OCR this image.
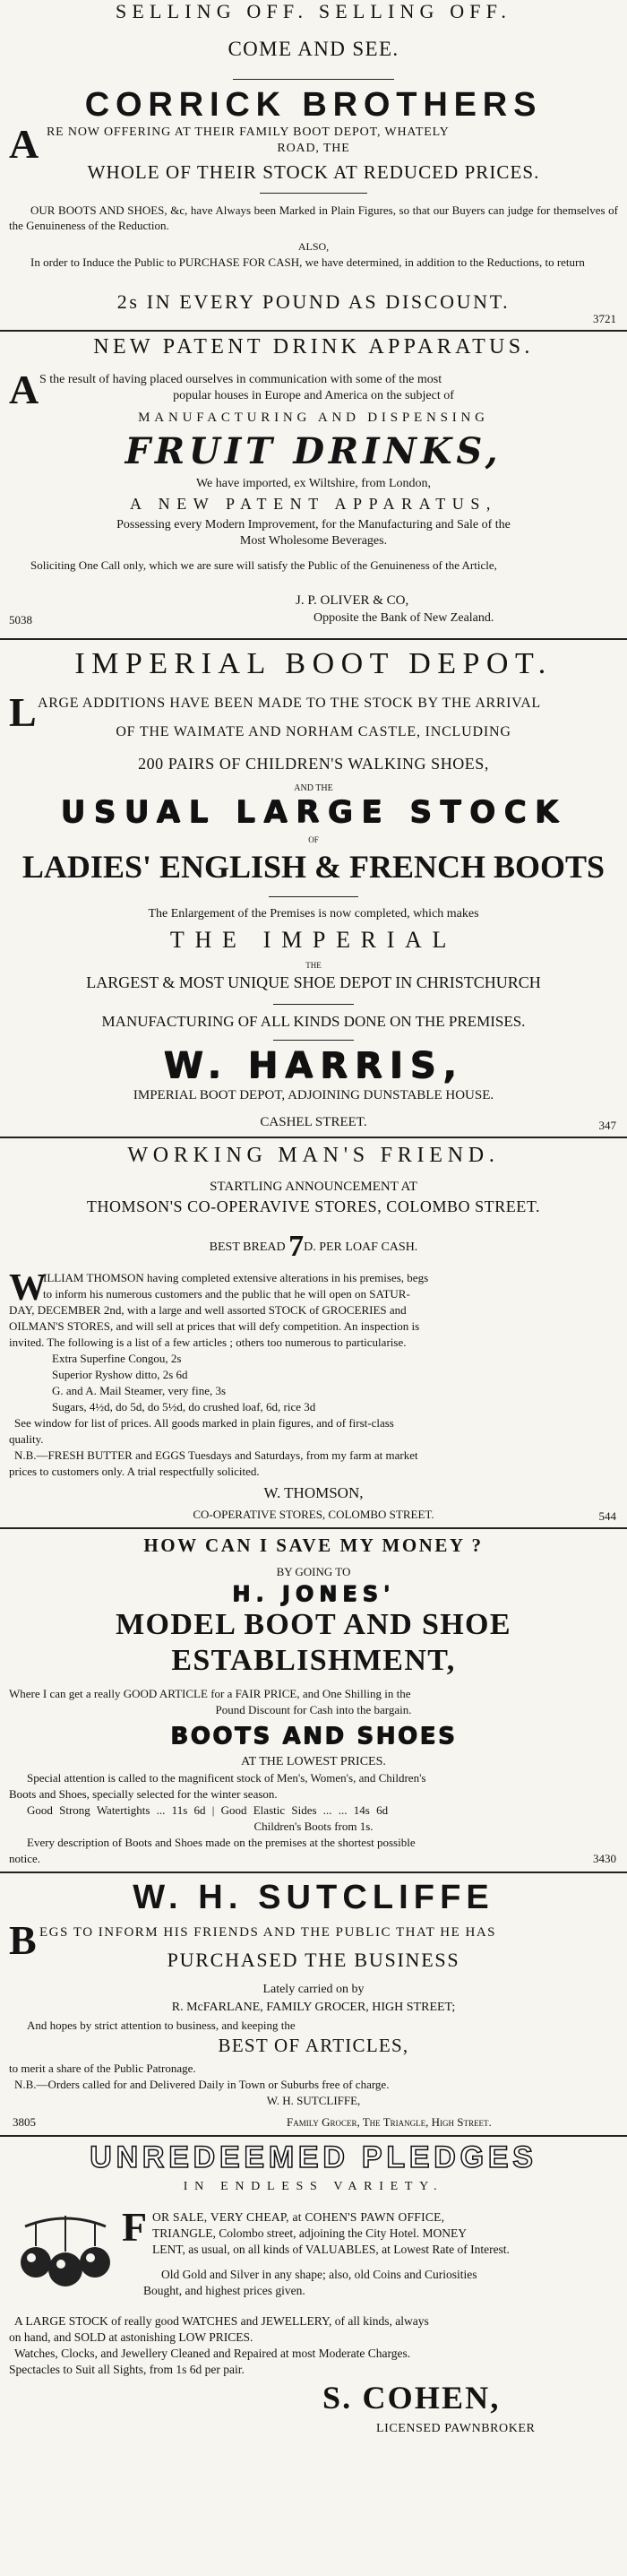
SELLING OFF. SELLING OFF.
COME AND SEE.
CORRICK BROTHERS
A RE NOW OFFERING AT THEIR FAMILY BOOT DEPOT, WHATELY
ROAD, THE
WHOLE OF THEIR STOCK AT REDUCED PRICES.
OUR BOOTS AND SHOES, &c, have Always been Marked in Plain Figures, so that our Buyers can judge for themselves of the Genuineness of the Reduction.
ALSO,
In order to Induce the Public to PURCHASE FOR CASH, we have determined, in addition to the Reductions, to return
2s IN EVERY POUND AS DISCOUNT.
3721
NEW PATENT DRINK APPARATUS.
A S the result of having placed ourselves in communication with some of the most
popular houses in Europe and America on the subject of
MANUFACTURING AND DISPENSING
FRUIT DRINKS,
We have imported, ex Wiltshire, from London,
A NEW PATENT APPARATUS,
Possessing every Modern Improvement, for the Manufacturing and Sale of the
Most Wholesome Beverages.
Soliciting One Call only, which we are sure will satisfy the Public of the Genuineness of the Article,
J. P. OLIVER & CO,
5038	Opposite the Bank of New Zealand.
IMPERIAL BOOT DEPOT.
L ARGE ADDITIONS HAVE BEEN MADE TO THE STOCK BY THE ARRIVAL
OF THE WAIMATE AND NORHAM CASTLE, INCLUDING
200 PAIRS OF CHILDREN'S WALKING SHOES,
AND THE
USUAL LARGE STOCK
OF
LADIES' ENGLISH & FRENCH BOOTS
The Enlargement of the Premises is now completed, which makes
THE IMPERIAL
THE
LARGEST & MOST UNIQUE SHOE DEPOT IN CHRISTCHURCH
MANUFACTURING OF ALL KINDS DONE ON THE PREMISES.
W. HARRIS,
IMPERIAL BOOT DEPOT, ADJOINING DUNSTABLE HOUSE.
CASHEL STREET.	347
WORKING MAN'S FRIEND.
STARTLING ANNOUNCEMENT AT
THOMSON'S CO-OPERAVIVE STORES, COLOMBO STREET.
BEST BREAD 7D. PER LOAF CASH.
W
ILLIAM THOMSON having completed extensive alterations in his premises, begs
to inform his numerous customers and the public that he will open on SATUR-
DAY, DECEMBER 2nd, with a large and well assorted STOCK of GROCERIES and
OILMAN'S STORES, and will sell at prices that will defy competition. An inspection is
invited. The following is a list of a few articles ; others too numerous to particularise.
Extra Superfine Congou, 2s
Superior Ryshow ditto, 2s 6d
G. and A. Mail Steamer, very fine, 3s
Sugars, 4½d, do 5d, do 5½d, do crushed loaf, 6d, rice 3d
See window for list of prices. All goods marked in plain figures, and of first-class
quality.
N.B.—FRESH BUTTER and EGGS Tuesdays and Saturdays, from my farm at market
prices to customers only. A trial respectfully solicited.
W. THOMSON,
CO-OPERATIVE STORES, COLOMBO STREET.	544
HOW CAN I SAVE MY MONEY ?
BY GOING TO
H. JONES'
MODEL BOOT AND SHOE
ESTABLISHMENT,
Where I can get a really GOOD ARTICLE for a FAIR PRICE, and One Shilling in the
Pound Discount for Cash into the bargain.
BOOTS AND SHOES
AT THE LOWEST PRICES.
Special attention is called to the magnificent stock of Men's, Women's, and Children's
Boots and Shoes, specially selected for the winter season.
Good Strong Watertights ... 11s 6d | Good Elastic Sides ... ... 14s 6d
Children's Boots from 1s.
Every description of Boots and Shoes made on the premises at the shortest possible
notice.	3430
W. H. SUTCLIFFE
B EGS TO INFORM HIS FRIENDS AND THE PUBLIC THAT HE HAS
PURCHASED THE BUSINESS
Lately carried on by
R. McFARLANE, FAMILY GROCER, HIGH STREET;
And hopes by strict attention to business, and keeping the
BEST OF ARTICLES,
to merit a share of the Public Patronage.
N.B.—Orders called for and Delivered Daily in Town or Suburbs free of charge.
W. H. SUTCLIFFE,
3805	Family Grocer, The Triangle, High Street.
UNREDEEMED PLEDGES
IN ENDLESS VARIETY.
F OR SALE, VERY CHEAP, at COHEN'S PAWN OFFICE,
TRIANGLE, Colombo street, adjoining the City Hotel. MONEY
LENT, as usual, on all kinds of VALUABLES, at Lowest Rate of Interest.
Old Gold and Silver in any shape; also, old Coins and Curiosities
Bought, and highest prices given.
A LARGE STOCK of really good WATCHES and JEWELLERY, of all kinds, always
on hand, and SOLD at astonishing LOW PRICES.
Watches, Clocks, and Jewellery Cleaned and Repaired at most Moderate Charges.
Spectacles to Suit all Sights, from 1s 6d per pair.
S. COHEN,
LICENSED PAWNBROKER
